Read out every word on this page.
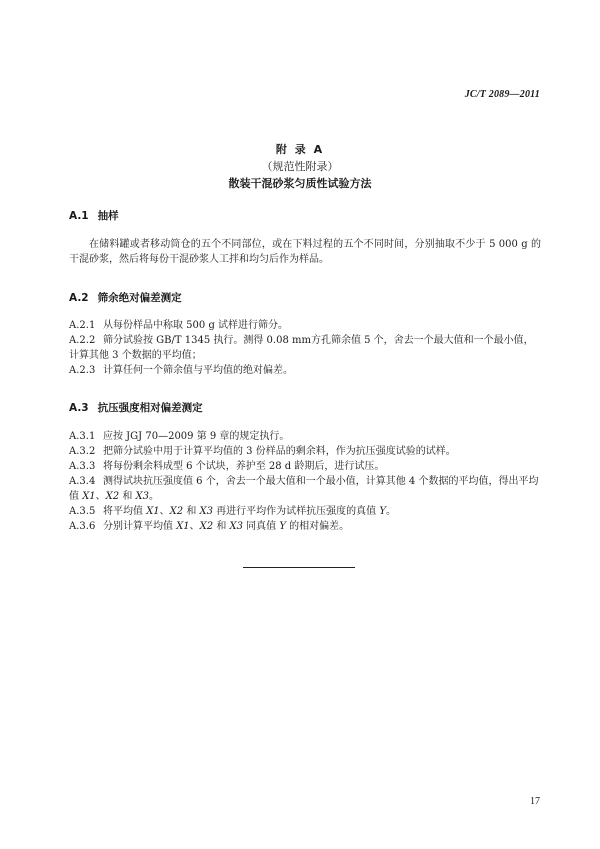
JC/T 2089—2011
附 录 A
（规范性附录）
散装干混砂浆匀质性试验方法
A.1 抽样
在储料罐或者移动筒仓的五个不同部位，或在下料过程的五个不同时间，分别抽取不少于 5 000 g 的干混砂浆，然后将每份干混砂浆人工拌和均匀后作为样品。
A.2 筛余绝对偏差测定
A.2.1 从每份样品中称取 500 g 试样进行筛分。
A.2.2 筛分试验按 GB/T 1345 执行。测得 0.08 mm方孔筛余值 5 个，舍去一个最大值和一个最小值，计算其他 3 个数据的平均值；
A.2.3 计算任何一个筛余值与平均值的绝对偏差。
A.3 抗压强度相对偏差测定
A.3.1 应按 JGJ 70—2009 第 9 章的规定执行。
A.3.2 把筛分试验中用于计算平均值的 3 份样品的剩余料，作为抗压强度试验的试样。
A.3.3 将每份剩余料成型 6 个试块，养护至 28 d 龄期后，进行试压。
A.3.4 测得试块抗压强度值 6 个，舍去一个最大值和一个最小值，计算其他 4 个数据的平均值，得出平均值 X1、X2 和 X3。
A.3.5 将平均值 X1、X2 和 X3 再进行平均作为试样抗压强度的真值 Y。
A.3.6 分别计算平均值 X1、X2 和 X3 同真值 Y 的相对偏差。
17
